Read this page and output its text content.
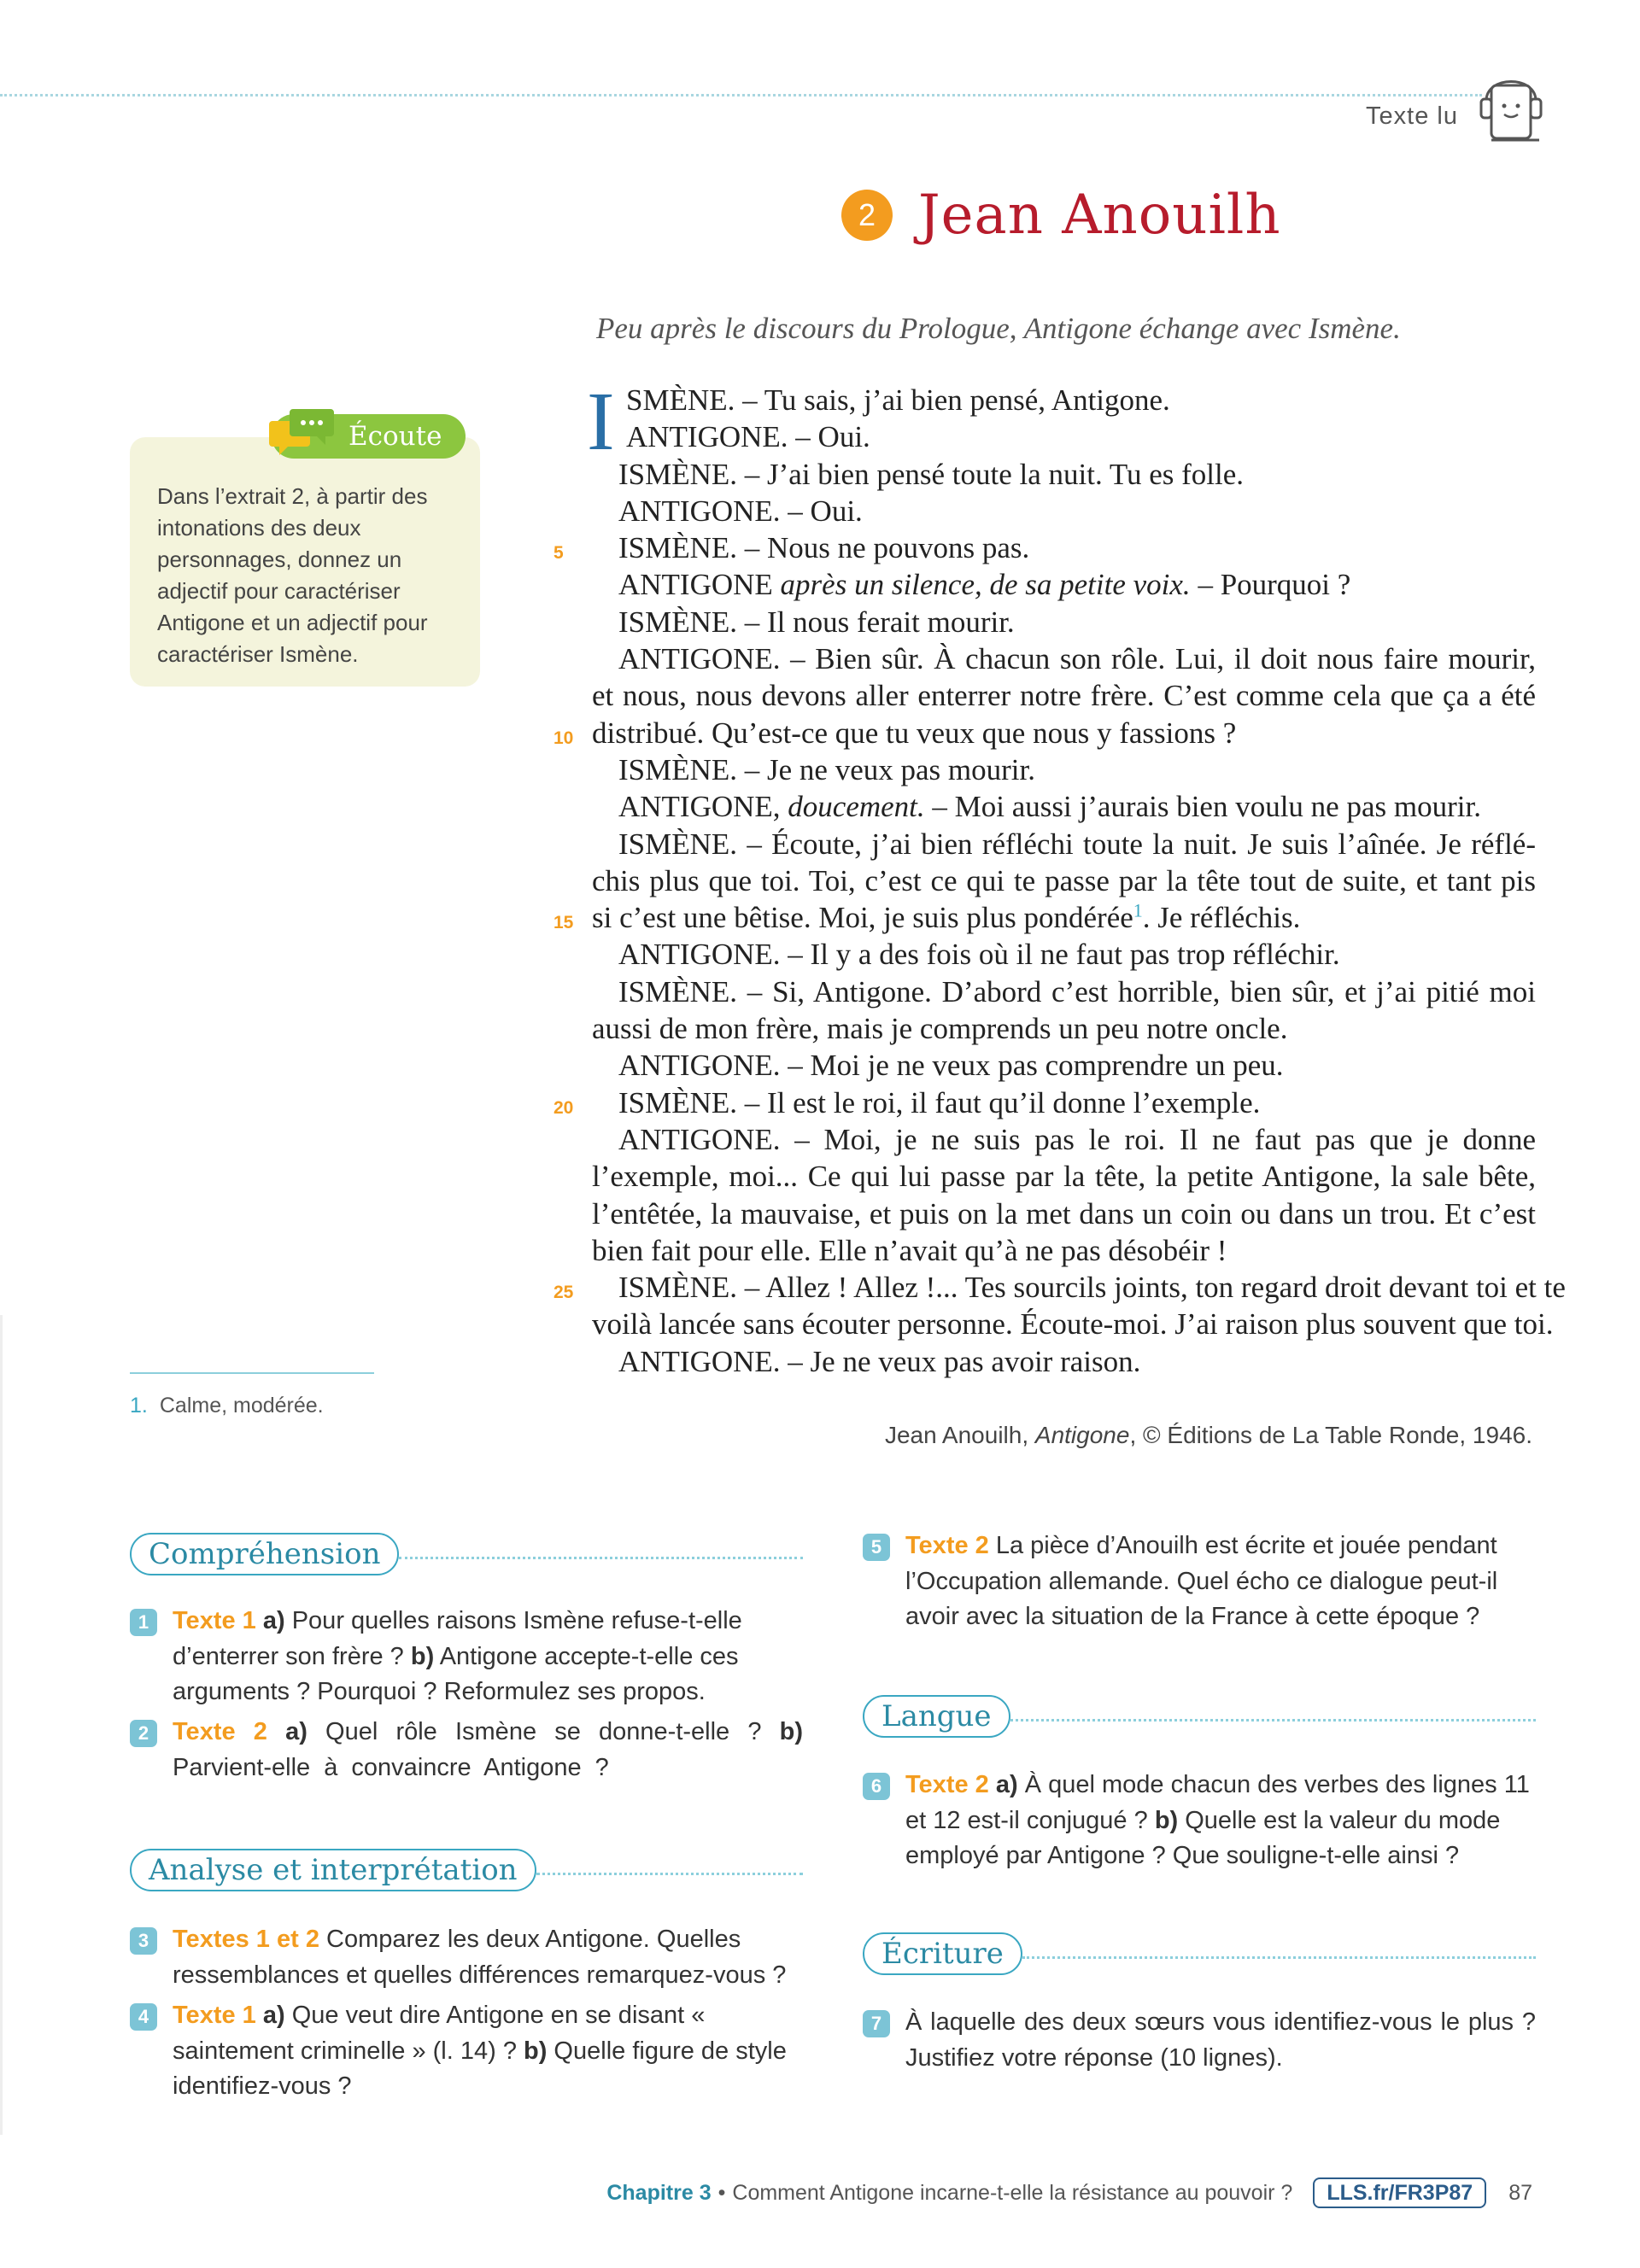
Texte lu
2 Jean Anouilh
Peu après le discours du Prologue, Antigone échange avec Ismène.
Écoute
Dans l’extrait 2, à partir des intonations des deux personnages, donnez un adjectif pour caractériser Antigone et un adjectif pour caractériser Ismène.
I SMÈNE. – Tu sais, j’ai bien pensé, Antigone.
ANTIGONE. – Oui.
ISMÈNE. – J’ai bien pensé toute la nuit. Tu es folle.
ANTIGONE. – Oui.
ISMÈNE. – Nous ne pouvons pas.
ANTIGONE après un silence, de sa petite voix. – Pourquoi ?
ISMÈNE. – Il nous ferait mourir.
ANTIGONE. – Bien sûr. À chacun son rôle. Lui, il doit nous faire mourir,
et nous, nous devons aller enterrer notre frère. C’est comme cela que ça a été
distribué. Qu’est-ce que tu veux que nous y fassions ?
ISMÈNE. – Je ne veux pas mourir.
ANTIGONE, doucement. – Moi aussi j’aurais bien voulu ne pas mourir.
ISMÈNE. – Écoute, j’ai bien réfléchi toute la nuit. Je suis l’aînée. Je réflé-
chis plus que toi. Toi, c’est ce qui te passe par la tête tout de suite, et tant pis
si c’est une bêtise. Moi, je suis plus pondérée$^1$. Je réfléchis.
ANTIGONE. – Il y a des fois où il ne faut pas trop réfléchir.
ISMÈNE. – Si, Antigone. D’abord c’est horrible, bien sûr, et j’ai pitié moi
aussi de mon frère, mais je comprends un peu notre oncle.
ANTIGONE. – Moi je ne veux pas comprendre un peu.
ISMÈNE. – Il est le roi, il faut qu’il donne l’exemple.
ANTIGONE. – Moi, je ne suis pas le roi. Il ne faut pas que je donne
l’exemple, moi... Ce qui lui passe par la tête, la petite Antigone, la sale bête,
l’entêtée, la mauvaise, et puis on la met dans un coin ou dans un trou. Et c’est
bien fait pour elle. Elle n’avait qu’à ne pas désobéir !
ISMÈNE. – Allez ! Allez !... Tes sourcils joints, ton regard droit devant toi et te
voilà lancée sans écouter personne. Écoute-moi. J’ai raison plus souvent que toi.
ANTIGONE. – Je ne veux pas avoir raison.
5
10
15
20
25
1. Calme, modérée.
Jean Anouilh, Antigone, © Éditions de La Table Ronde, 1946.
Compréhension
1 Texte 1 a) Pour quelles raisons Ismène refuse-t-elle d’enterrer son frère ? b) Antigone accepte-t-elle ces arguments ? Pourquoi ? Reformulez ses propos.
2 Texte 2 a) Quel rôle Ismène se donne-t-elle ? b) Parvient-elle à convaincre Antigone ?
Analyse et interprétation
3 Textes 1 et 2 Comparez les deux Antigone. Quelles ressemblances et quelles différences remarquez-vous ?
4 Texte 1 a) Que veut dire Antigone en se disant « saintement criminelle » (l. 14) ? b) Quelle figure de style identifiez-vous ?
5 Texte 2 La pièce d’Anouilh est écrite et jouée pendant l’Occupation allemande. Quel écho ce dialogue peut-il avoir avec la situation de la France à cette époque ?
Langue
6 Texte 2 a) À quel mode chacun des verbes des lignes 11 et 12 est-il conjugué ? b) Quelle est la valeur du mode employé par Antigone ? Que souligne-t-elle ainsi ?
Écriture
7 À laquelle des deux sœurs vous identifiez-vous le plus ? Justifiez votre réponse (10 lignes).
Chapitre 3 • Comment Antigone incarne-t-elle la résistance au pouvoir ?	LLS.fr/FR3P87	87
